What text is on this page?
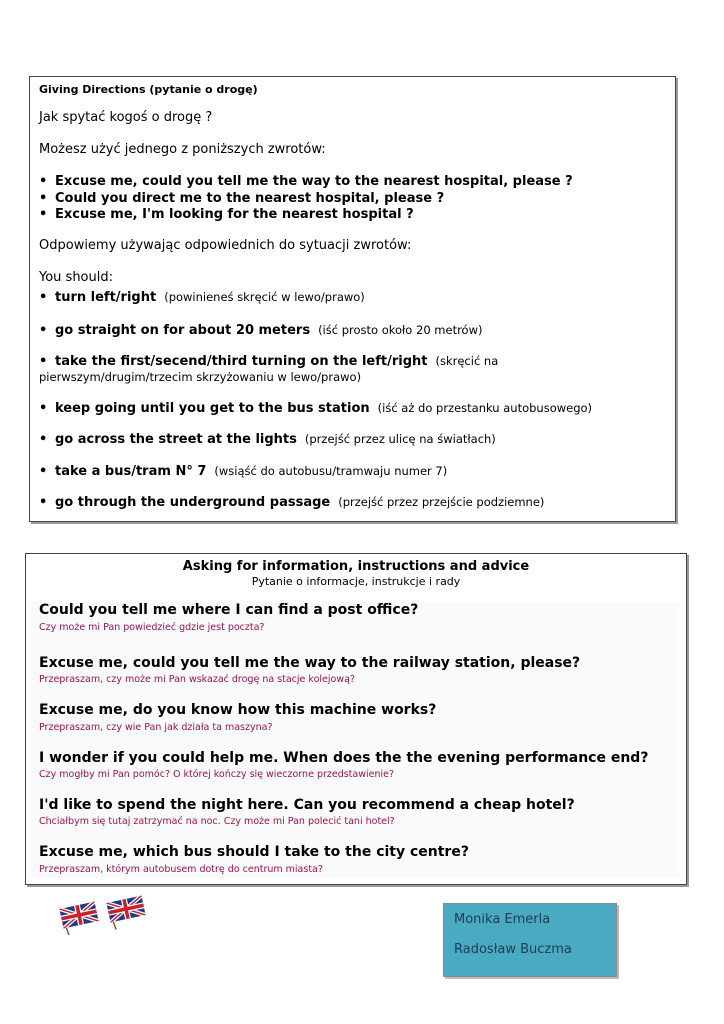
Giving Directions (pytanie o drogę)
Jak spytać kogoś o drogę ?
Możesz użyć jednego z poniższych zwrotów:
• Excuse me, could you tell me the way to the nearest hospital, please ?
• Could you direct me to the nearest hospital, please ?
• Excuse me, I'm looking for the nearest hospital ?
Odpowiemy używając odpowiednich do sytuacji zwrotów:
You should:
• turn left/right (powinieneś skręcić w lewo/prawo)
• go straight on for about 20 meters (iść prosto około 20 metrów)
• take the first/secend/third turning on the left/right (skręcić na
pierwszym/drugim/trzecim skrzyżowaniu w lewo/prawo)
• keep going until you get to the bus station (iść aż do przestanku autobusowego)
• go across the street at the lights (przejść przez ulicę na światłach)
• take a bus/tram N° 7 (wsiąść do autobusu/tramwaju numer 7)
• go through the underground passage (przejść przez przejście podziemne)
Asking for information, instructions and advice
Pytanie o informacje, instrukcje i rady
Could you tell me where I can find a post office?
Czy może mi Pan powiedzieć gdzie jest poczta?
Excuse me, could you tell me the way to the railway station, please?
Przepraszam, czy może mi Pan wskazać drogę na stacje kolejową?
Excuse me, do you know how this machine works?
Przepraszam, czy wie Pan jak działa ta maszyna?
I wonder if you could help me. When does the the evening performance end?
Czy mogłby mi Pan pomóc? O której kończy się wieczorne przedstawienie?
I'd like to spend the night here. Can you recommend a cheap hotel?
Chciałbym się tutaj zatrzymać na noc. Czy może mi Pan polecić tani hotel?
Excuse me, which bus should I take to the city centre?
Przepraszam, którym autobusem dotrę do centrum miasta?
Monika Emerla
Radosław Buczma
